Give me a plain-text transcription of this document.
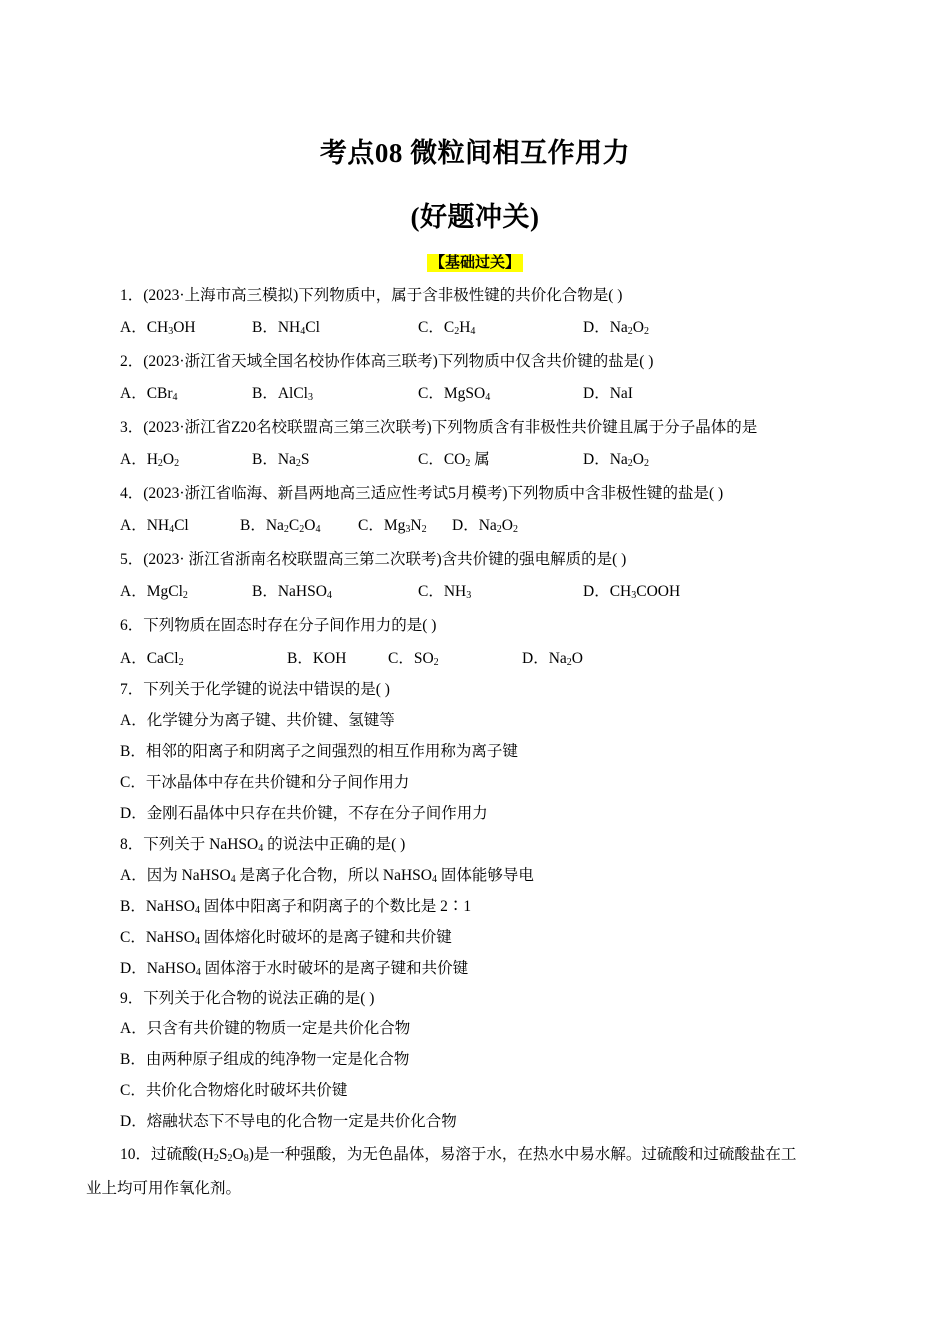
考点08 微粒间相互作用力
(好题冲关)
【基础过关】
1．(2023·上海市高三模拟)下列物质中，属于含非极性键的共价化合物是( )
A．$CH_3OH$	B．$NH_4Cl$	C．$C_2H_4$	D．$Na_2O_2$
2．(2023·浙江省天域全国名校协作体高三联考)下列物质中仅含共价键的盐是( )
A．CBr$_4$	B．AlCl$_3$	C．MgSO$_4$	D．NaI
3．(2023·浙江省Z20名校联盟高三第三次联考)下列物质含有非极性共价键且属于分子晶体的是
A．$H_2O_2$	B．$Na_2S$	C．$CO_2$ 属	D．$Na_2O_2$
4．(2023·浙江省临海、新昌两地高三适应性考试5月模考)下列物质中含非极性键的盐是( )
A．$NH_4Cl$	B．$Na_2C_2O_4$ C．$Mg_3N_2$ D．$Na_2O_2$
5．(2023· 浙江省浙南名校联盟高三第二次联考)含共价键的强电解质的是( )
A．MgCl$_2$	B．NaHSO$_4$	C．$NH_3$	D．$CH_3COOH$
6．下列物质在固态时存在分子间作用力的是( )
A．CaCl$_2$	B．KOH	C．$SO_2$	D．$Na_2O$
7．下列关于化学键的说法中错误的是( )
A．化学键分为离子键、共价键、氢键等
B．相邻的阳离子和阴离子之间强烈的相互作用称为离子键
C．干冰晶体中存在共价键和分子间作用力
D．金刚石晶体中只存在共价键，不存在分子间作用力
8．下列关于 NaHSO$_4$ 的说法中正确的是( )
A．因为 NaHSO$_4$ 是离子化合物，所以 NaHSO$_4$ 固体能够导电
B．NaHSO$_4$ 固体中阳离子和阴离子的个数比是 2∶1
C．NaHSO$_4$ 固体熔化时破坏的是离子键和共价键
D．NaHSO$_4$ 固体溶于水时破坏的是离子键和共价键
9．下列关于化合物的说法正确的是( )
A．只含有共价键的物质一定是共价化合物
B．由两种原子组成的纯净物一定是化合物
C．共价化合物熔化时破坏共价键
D．熔融状态下不导电的化合物一定是共价化合物
10．过硫酸$(H_2S_2O_8)$是一种强酸，为无色晶体，易溶于水，在热水中易水解。过硫酸和过硫酸盐在工
业上均可用作氧化剂。
